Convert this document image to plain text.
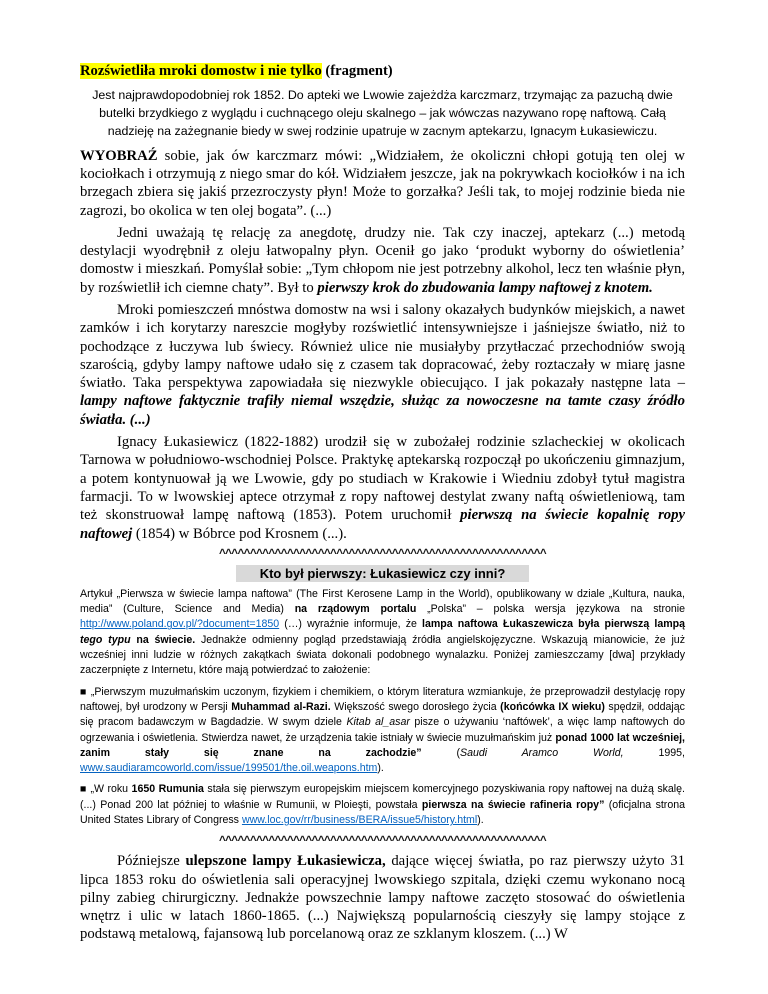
Rozświetliła mroki domostw i nie tylko (fragment)

Jest najprawdopodobniej rok 1852. Do apteki we Lwowie zajeżdża karczmarz, trzymając za pazuchą dwie butelki brzydkiego z wyglądu i cuchnącego oleju skalnego – jak wówczas nazywano ropę naftową. Całą nadzieję na zażegnanie biedy w swej rodzinie upatruje w zacnym aptekarzu, Ignacym Łukasiewiczu.

WYOBRAŹ sobie, jak ów karczmarz mówi: „Widziałem, że okoliczni chłopi gotują ten olej w kociołkach i otrzymują z niego smar do kół. Widziałem jeszcze, jak na pokrywkach kociołków i na ich brzegach zbiera się jakiś przezroczysty płyn! Może to gorzałka? Jeśli tak, to mojej rodzinie bieda nie zagrozi, bo okolica w ten olej bogata”. (...)

Jedni uważają tę relację za anegdotę, drudzy nie. Tak czy inaczej, aptekarz (...) metodą destylacji wyodrębnił z oleju łatwopalny płyn. Ocenił go jako ‘produkt wyborny do oświetlenia’ domostw i mieszkań. Pomyślał sobie: „Tym chłopom nie jest potrzebny alkohol, lecz ten właśnie płyn, by rozświetlił ich ciemne chaty”. Był to pierwszy krok do zbudowania lampy naftowej z knotem.

Mroki pomieszczeń mnóstwa domostw na wsi i salony okazałych budynków miejskich, a nawet zamków i ich korytarzy nareszcie mogłyby rozświetlić intensywniejsze i jaśniejsze światło, niż to pochodzące z łuczywa lub świecy. Również ulice nie musiałyby przytłaczać przechodniów swoją szarością, gdyby lampy naftowe udało się z czasem tak dopracować, żeby roztaczały w miarę jasne światło. Taka perspektywa zapowiadała się niezwykle obiecująco. I jak pokazały następne lata – lampy naftowe faktycznie trafiły niemal wszędzie, służąc za nowoczesne na tamte czasy źródło światła. (...)

Ignacy Łukasiewicz (1822-1882) urodził się w zubożałej rodzinie szlacheckiej w okolicach Tarnowa w południowo-wschodniej Polsce. Praktykę aptekarską rozpoczął po ukończeniu gimnazjum, a potem kontynuował ją we Lwowie, gdy po studiach w Krakowie i Wiedniu zdobył tytuł magistra farmacji. To w lwowskiej aptece otrzymał z ropy naftowej destylat zwany naftą oświetleniową, tam też skonstruował lampę naftową (1853). Potem uruchomił pierwszą na świecie kopalnię ropy naftowej (1854) w Bóbrce pod Krosnem (...).

^^^^^^^^^^^^^^^^^^^^^^^^^^^^^^^^^^^^^^^^^^^^^^^^^^^^^
Kto był pierwszy: Łukasiewicz czy inni?

Artykuł „Pierwsza w świecie lampa naftowa” (The First Kerosene Lamp in the World), opublikowany w dziale „Kultura, nauka, media” (Culture, Science and Media) na rządowym portalu „Polska” – polska wersja językowa na stronie http://www.poland.gov.pl/?document=1850 (…) wyraźnie informuje, że lampa naftowa Łukaszewicza była pierwszą lampą tego typu na świecie. Jednakże odmienny pogląd przedstawiają źródła angielskojęzyczne. Wskazują mianowicie, że już wcześniej inni ludzie w różnych zakątkach świata dokonali podobnego wynalazku. Poniżej zamieszczamy [dwa] przykłady zaczerpnięte z Internetu, które mają potwierdzać to założenie:

■ „Pierwszym muzułmańskim uczonym, fizykiem i chemikiem, o którym literatura wzmiankuje, że przeprowadził destylację ropy naftowej, był urodzony w Persji Muhammad al-Razi. Większość swego dorosłego życia (końcówka IX wieku) spędził, oddając się pracom badawczym w Bagdadzie. W swym dziele Kitab al_asar pisze o używaniu ‘naftówek’, a więc lamp naftowych do ogrzewania i oświetlenia. Stwierdza nawet, że urządzenia takie istniały w świecie muzułmańskim już ponad 1000 lat wcześniej, zanim stały się znane na zachodzie” (Saudi Aramco World, 1995, www.saudiaramcoworld.com/issue/199501/the.oil.weapons.htm).

■ „W roku 1650 Rumunia stała się pierwszym europejskim miejscem komercyjnego pozyskiwania ropy naftowej na dużą skalę. (...) Ponad 200 lat później to właśnie w Rumunii, w Ploieşti, powstała pierwsza na świecie rafineria ropy” (oficjalna strona United States Library of Congress www.loc.gov/rr/business/BERA/issue5/history.html).

^^^^^^^^^^^^^^^^^^^^^^^^^^^^^^^^^^^^^^^^^^^^^^^^^^^^^

Późniejsze ulepszone lampy Łukasiewicza, dające więcej światła, po raz pierwszy użyto 31 lipca 1853 roku do oświetlenia sali operacyjnej lwowskiego szpitala, dzięki czemu wykonano nocą pilny zabieg chirurgiczny. Jednakże powszechnie lampy naftowe zaczęto stosować do oświetlenia wnętrz i ulic w latach 1860-1865. (...) Największą popularnością cieszyły się lampy stojące z podstawą metalową, fajansową lub porcelanową oraz ze szklanym kloszem. (...) W
